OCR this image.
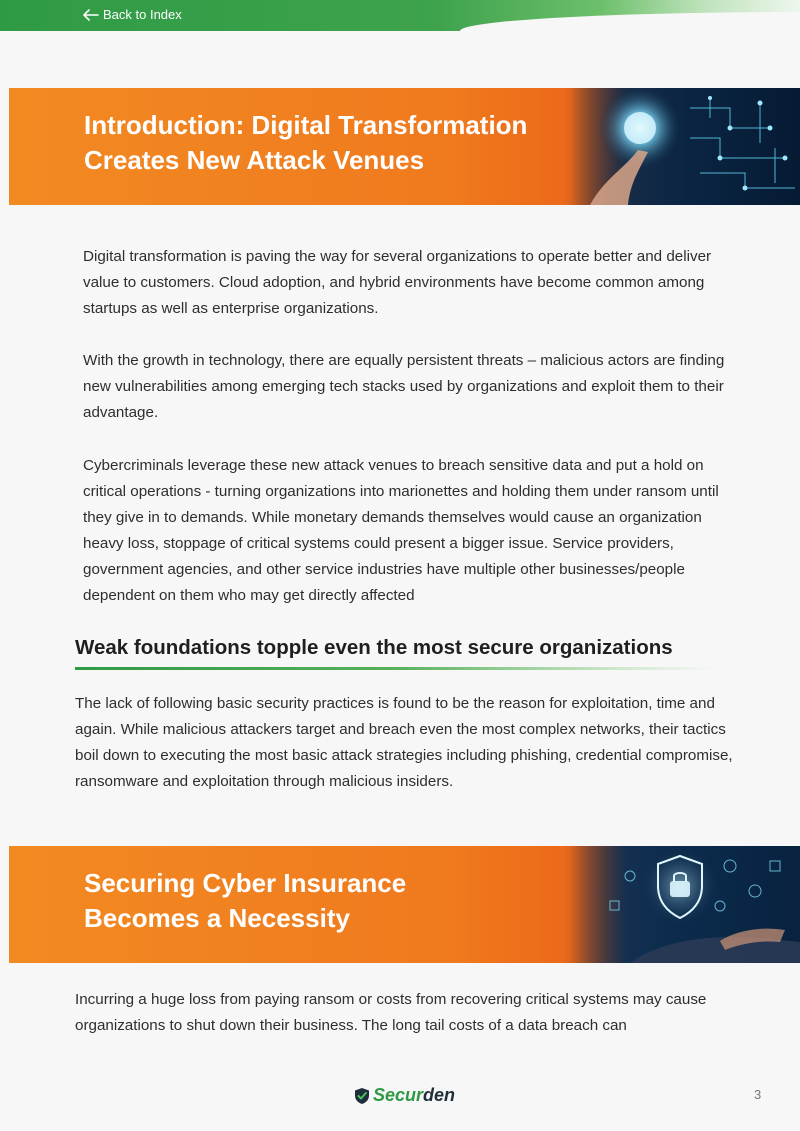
Back to Index
Introduction: Digital Transformation
Creates New Attack Venues

Digital transformation is paving the way for several organizations to operate better and deliver value to customers. Cloud adoption, and hybrid environments have become common among startups as well as enterprise organizations.

With the growth in technology, there are equally persistent threats – malicious actors are finding new vulnerabilities among emerging tech stacks used by organizations and exploit them to their advantage.

Cybercriminals leverage these new attack venues to breach sensitive data and put a hold on critical operations - turning organizations into marionettes and holding them under ransom until they give in to demands. While monetary demands themselves would cause an organization heavy loss, stoppage of critical systems could present a bigger issue. Service providers, government agencies, and other service industries have multiple other businesses/people dependent on them who may get directly affected

Weak foundations topple even the most secure organizations

The lack of following basic security practices is found to be the reason for exploitation, time and again. While malicious attackers target and breach even the most complex networks, their tactics boil down to executing the most basic attack strategies including phishing, credential compromise, ransomware and exploitation through malicious insiders.

Securing Cyber Insurance
Becomes a Necessity

Incurring a huge loss from paying ransom or costs from recovering critical systems may cause organizations to shut down their business. The long tail costs of a data breach can

Securden	3
